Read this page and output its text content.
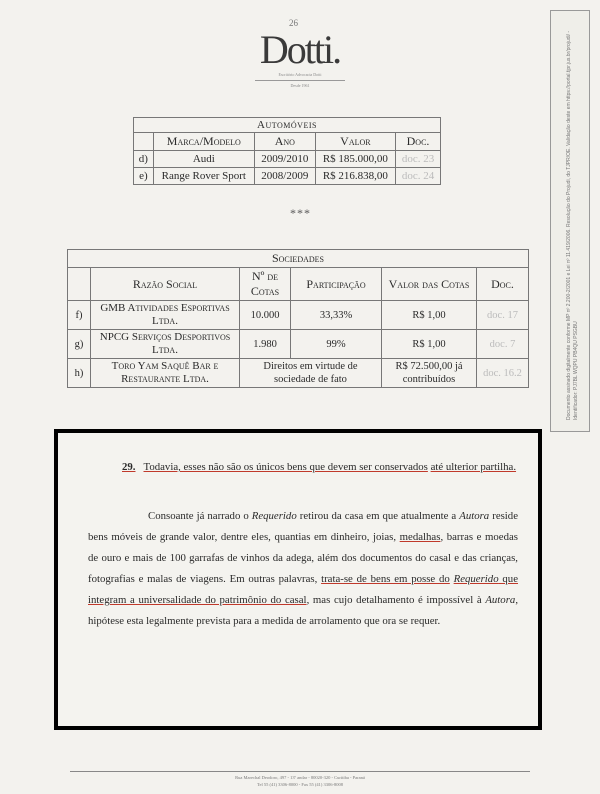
26
Dotti.
Escritório Advocacia Dotti
Desde 1961
Automóveis				
	Marca/Modelo	Ano	Valor	Doc.
d)	Audi	2009/2010	R$ 185.000,00	doc. 23
e)	Range Rover Sport	2008/2009	R$ 216.838,00	doc. 24
***
Sociedades					
	Razão Social	Nº de Cotas	Participação	Valor das Cotas	Doc.
f)	GMB Atividades Esportivas Ltda.	10.000	33,33%	R$ 1,00	doc. 17
g)	NPCG Serviços Desportivos Ltda.	1.980	99%	R$ 1,00	doc. 7
h)	Toro Yam Saquê Bar e Restaurante Ltda.	Direitos em virtude de sociedade de fato		R$ 72.500,00 já contribuídos	doc. 16.2

29. Todavia, esses não são os únicos bens que devem ser conservados até ulterior partilha.

Consoante já narrado o Requerido retirou da casa em que atualmente a Autora reside bens móveis de grande valor, dentre eles, quantias em dinheiro, joias, medalhas, barras e moedas de ouro e mais de 100 garrafas de vinhos da adega, além dos documentos do casal e das crianças, fotografias e malas de viagens. Em outras palavras, trata-se de bens em posse do Requerido que integram a universalidade do patrimônio do casal, mas cujo detalhamento é impossível à Autora, hipótese esta legalmente prevista para a medida de arrolamento que ora se requer.

Rua Marechal Deodoro, 497 - 13º andar - 80020-320 - Curitiba - Paraná
Tel 55 (41) 3306-8000 - Fax 55 (41) 3306-8008
Documento assinado digitalmente conforme MP nº 2.200-2/2001 e Lei nº 11.419/2006. Resolução do Projudi, do TJPR/OE. Validação deste em https://portal.tjpr.jus.br/projudi/ - Identificador: PJ7BL WQPU PB4QU PSGBU
